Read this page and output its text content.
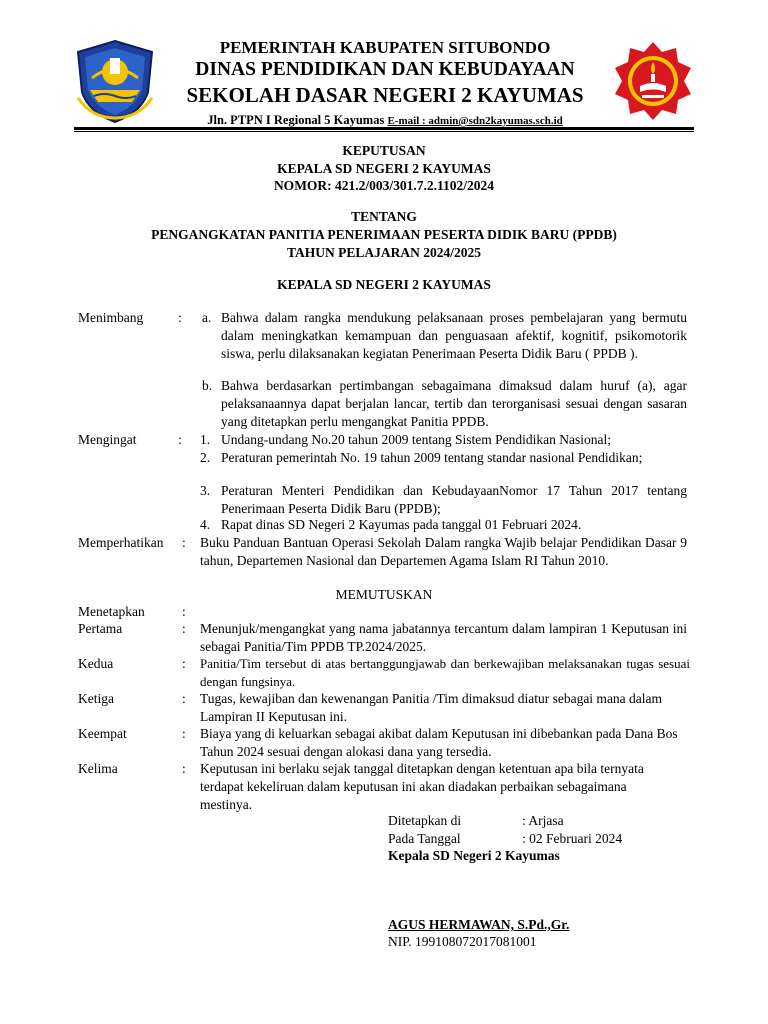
PEMERINTAH KABUPATEN SITUBONDO
DINAS PENDIDIKAN DAN KEBUDAYAAN
SEKOLAH DASAR NEGERI 2 KAYUMAS
Jln. PTPN I Regional 5 Kayumas E-mail : admin@sdn2kayumas.sch.id
KEPUTUSAN
KEPALA SD NEGERI 2 KAYUMAS
NOMOR: 421.2/003/301.7.2.1102/2024
TENTANG
PENGANGKATAN PANITIA PENERIMAAN PESERTA DIDIK BARU (PPDB)
TAHUN PELAJARAN 2024/2025
KEPALA SD NEGERI 2 KAYUMAS
Menimbang	: a. Bahwa dalam rangka mendukung pelaksanaan proses pembelajaran yang bermutu dalam meningkatkan kemampuan dan penguasaan afektif, kognitif, psikomotorik siswa, perlu dilaksanakan kegiatan Penerimaan Peserta Didik Baru ( PPDB ).
b. Bahwa berdasarkan pertimbangan sebagaimana dimaksud dalam huruf (a), agar pelaksanaannya dapat berjalan lancar, tertib dan terorganisasi sesuai dengan sasaran yang ditetapkan perlu mengangkat Panitia PPDB.
Mengingat	: 1. Undang-undang No.20 tahun 2009 tentang Sistem Pendidikan Nasional;
2. Peraturan pemerintah No. 19 tahun 2009 tentang standar nasional Pendidikan;
3. Peraturan Menteri Pendidikan dan KebudayaanNomor 17 Tahun 2017 tentang Penerimaan Peserta Didik Baru (PPDB);
4. Rapat dinas SD Negeri 2 Kayumas pada tanggal 01 Februari 2024.
Memperhatikan : Buku Panduan Bantuan Operasi Sekolah Dalam rangka Wajib belajar Pendidikan Dasar 9 tahun, Departemen Nasional dan Departemen Agama Islam RI Tahun 2010.
MEMUTUSKAN
Menetapkan	:
Pertama	: Menunjuk/mengangkat yang nama jabatannya tercantum dalam lampiran 1 Keputusan ini sebagai Panitia/Tim PPDB TP.2024/2025.
Kedua	: Panitia/Tim tersebut di atas bertanggungjawab dan berkewajiban melaksanakan tugas sesuai dengan fungsinya.
Ketiga	: Tugas, kewajiban dan kewenangan Panitia /Tim dimaksud diatur sebagai mana dalam Lampiran II Keputusan ini.
Keempat	: Biaya yang di keluarkan sebagai akibat dalam Keputusan ini dibebankan pada Dana Bos Tahun 2024 sesuai dengan alokasi dana yang tersedia.
Kelima	: Keputusan ini berlaku sejak tanggal ditetapkan dengan ketentuan apa bila ternyata terdapat kekeliruan dalam keputusan ini akan diadakan perbaikan sebagaimana mestinya.
Ditetapkan di	: Arjasa
Pada Tanggal	: 02 Februari 2024
Kepala SD Negeri 2 Kayumas
AGUS HERMAWAN, S.Pd.,Gr.
NIP. 199108072017081001
